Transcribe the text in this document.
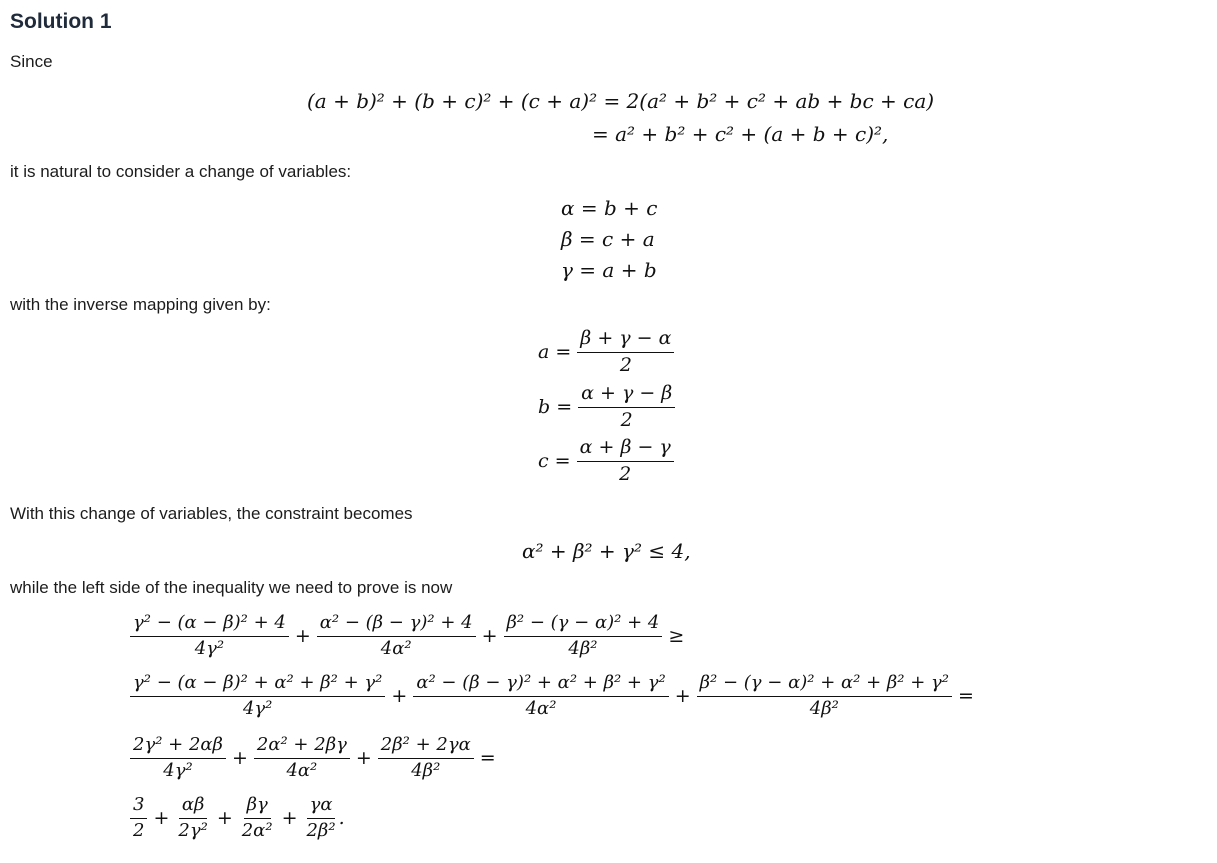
Solution 1
Since
(a + b)² + (b + c)² + (c + a)² = 2(a² + b² + c² + ab + bc + ca)
= a² + b² + c² + (a + b + c)²,
it is natural to consider a change of variables:
α = b + c
β = c + a
γ = a + b
with the inverse mapping given by:
$a = \frac{\beta + \gamma - \alpha}{2}$
$b = \frac{\alpha + \gamma - \beta}{2}$
$c = \frac{\alpha + \beta - \gamma}{2}$
With this change of variables, the constraint becomes
α² + β² + γ² ≤ 4,
while the left side of the inequality we need to prove is now
$\frac{\text{γ² − (α − β)² + 4}}{\text{4γ²}} + \frac{\text{α² − (β − γ)² + 4}}{\text{4α²}} + \frac{\text{β² − (γ − α)² + 4}}{\text{4β²}}$ ≥
$\frac{\text{γ² − (α − β)² + α² + β² + γ²}}{\text{4γ²}} + \frac{\text{α² − (β − γ)² + α² + β² + γ²}}{\text{4α²}} + \frac{\text{β² − (γ − α)² + α² + β² + γ²}}{\text{4β²}}$ =
$\frac{\text{2γ² + 2αβ}}{\text{4γ²}} + \frac{\text{2α² + 2βγ}}{\text{4α²}} + \frac{\text{2β² + 2γα}}{\text{4β²}}$ =
$\frac{3}{2} + \frac{\alpha\beta}{\text{2γ²}} + \frac{\beta\gamma}{\text{2α²}} + \frac{\gamma\alpha}{\text{2β²}}$ .
